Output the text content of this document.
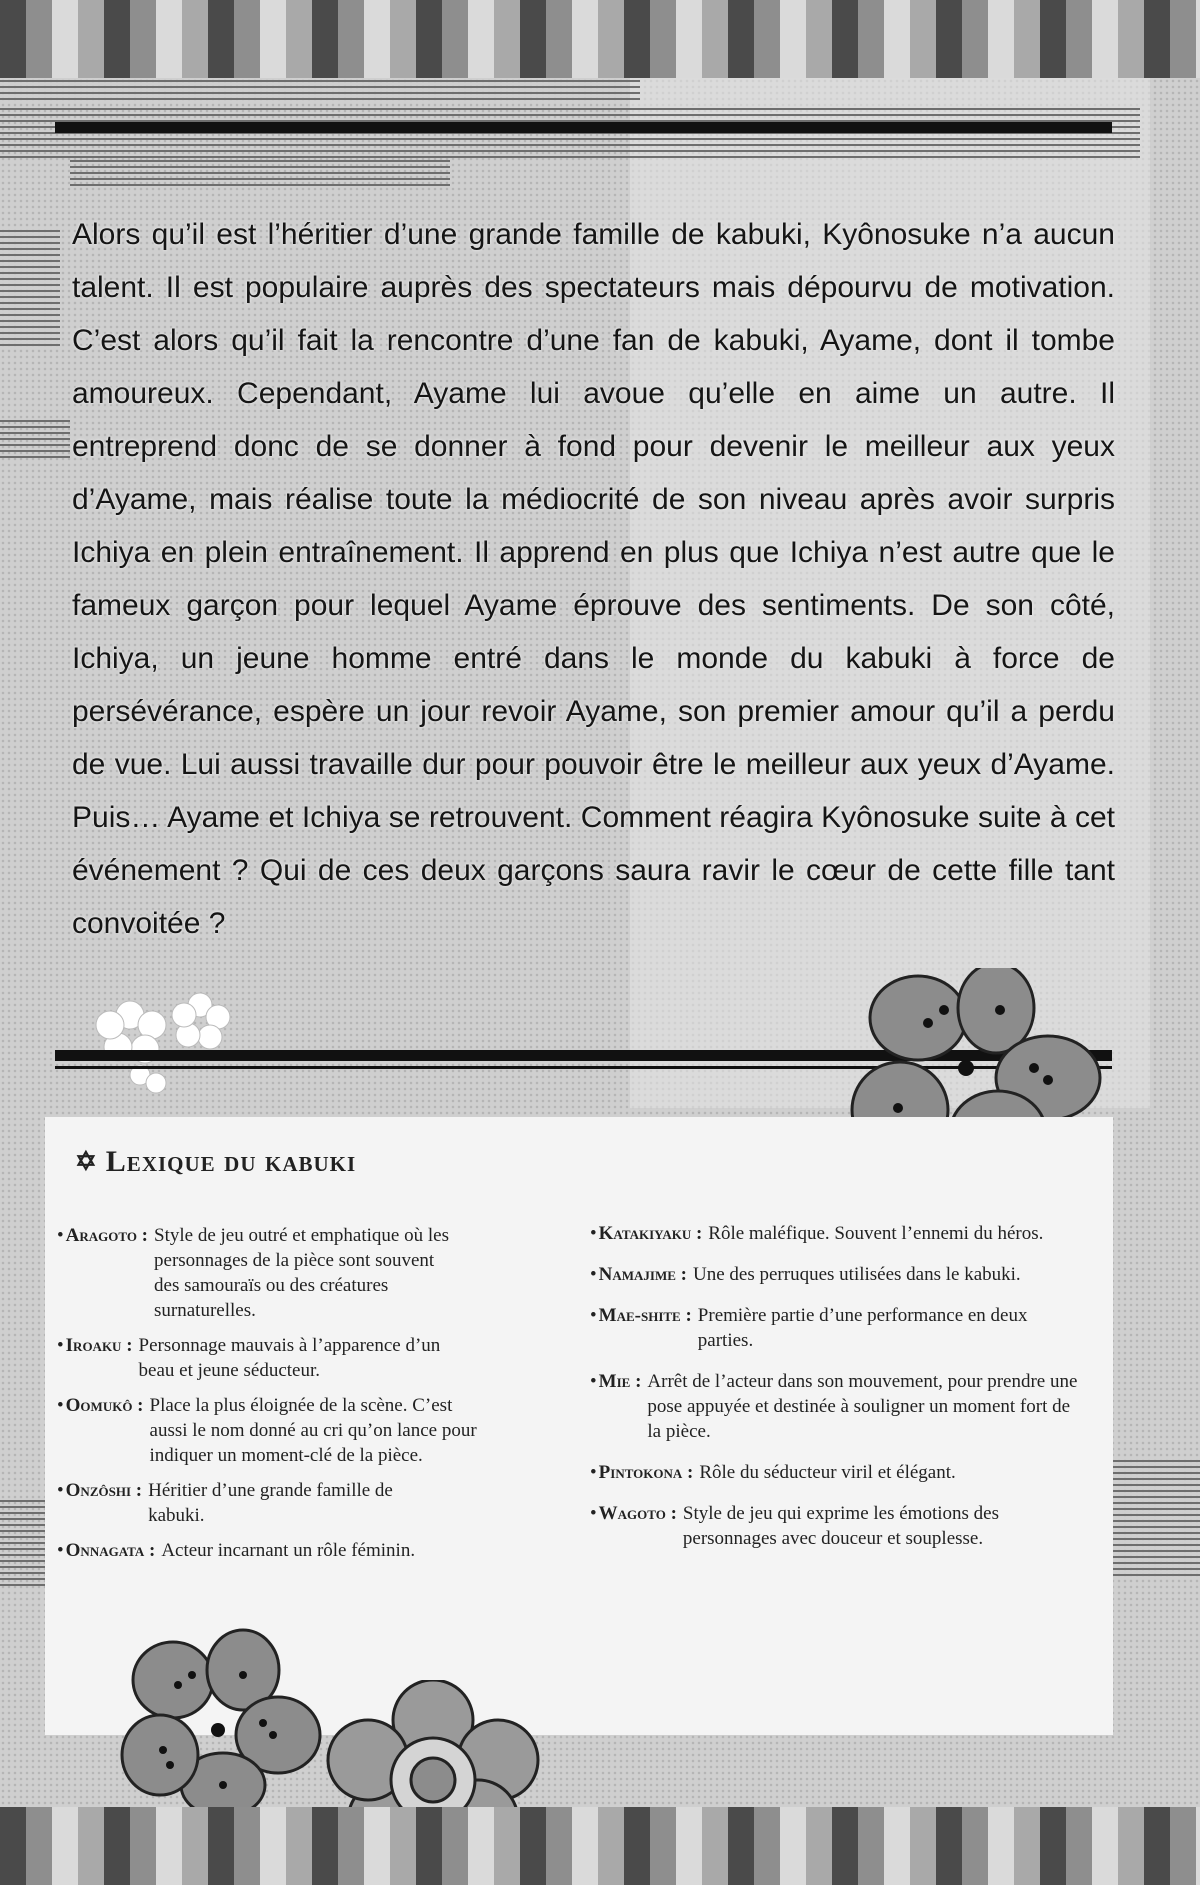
Alors qu’il est l’héritier d’une grande famille de kabuki, Kyônosuke n’a aucun talent. Il est populaire auprès des spectateurs mais dépourvu de motivation. C’est alors qu’il fait la rencontre d’une fan de kabuki, Ayame, dont il tombe amoureux. Cependant, Ayame lui avoue qu’elle en aime un autre. Il entreprend donc de se donner à fond pour devenir le meilleur aux yeux d’Ayame, mais réalise toute la médiocrité de son niveau après avoir surpris Ichiya en plein entraînement. Il apprend en plus que Ichiya n’est autre que le fameux garçon pour lequel Ayame éprouve des sentiments. De son côté, Ichiya, un jeune homme entré dans le monde du kabuki à force de persévérance, espère un jour revoir Ayame, son premier amour qu’il a perdu de vue. Lui aussi travaille dur pour pouvoir être le meilleur aux yeux d’Ayame. Puis… Ayame et Ichiya se retrouvent. Comment réagira Kyônosuke suite à cet événement ? Qui de ces deux garçons saura ravir le cœur de cette fille tant convoitée ?
✡ Lexique du kabuki
• Aragoto : Style de jeu outré et emphatique où les personnages de la pièce sont souvent des samouraïs ou des créatures surnaturelles.
• Iroaku : Personnage mauvais à l’apparence d’un beau et jeune séducteur.
• Oomukô : Place la plus éloignée de la scène. C’est aussi le nom donné au cri qu’on lance pour indiquer un moment-clé de la pièce.
• Onzôshi : Héritier d’une grande famille de kabuki.
• Onnagata : Acteur incarnant un rôle féminin.
• Katakiyaku : Rôle maléfique. Souvent l’ennemi du héros.
• Namajime : Une des perruques utilisées dans le kabuki.
• Mae-shite : Première partie d’une performance en deux parties.
• Mie : Arrêt de l’acteur dans son mouvement, pour prendre une pose appuyée et destinée à souligner un moment fort de la pièce.
• Pintokona : Rôle du séducteur viril et élégant.
• Wagoto : Style de jeu qui exprime les émotions des personnages avec douceur et souplesse.
